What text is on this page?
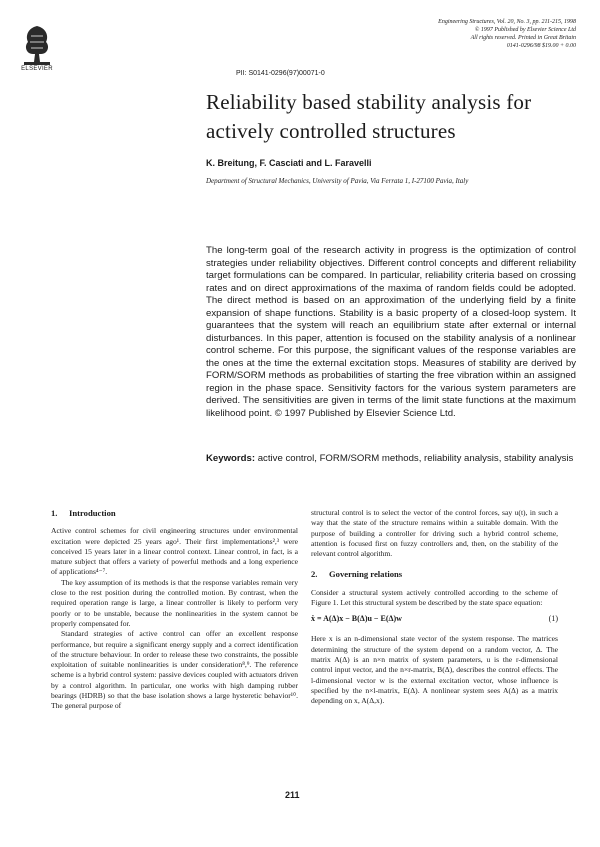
ELSEVIER
PII: S0141-0296(97)00071-0
Engineering Structures, Vol. 20, No. 3, pp. 211-215, 1998
© 1997 Published by Elsevier Science Ltd
All rights reserved. Printed in Great Britain
0141-0296/98 $19.00 + 0.00
Reliability based stability analysis for actively controlled structures
K. Breitung, F. Casciati and L. Faravelli
Department of Structural Mechanics, University of Pavia, Via Ferrata 1, I-27100 Pavia, Italy
The long-term goal of the research activity in progress is the optimization of control strategies under reliability objectives. Different control concepts and different reliability target formulations can be compared. In particular, reliability criteria based on crossing rates and on direct approximations of the maxima of random fields could be adopted. The direct method is based on an approximation of the underlying field by a finite expansion of shape functions. Stability is a basic property of a closed-loop system. It guarantees that the system will reach an equilibrium state after external or internal disturbances. In this paper, attention is focused on the stability analysis of a nonlinear control scheme. For this purpose, the significant values of the response variables are the ones at the time the external excitation stops. Measures of stability are derived by FORM/SORM methods as probabilities of starting the free vibration within an assigned region in the phase space. Sensitivity factors for the various system parameters are derived. The sensitivities are given in terms of the limit state functions at the maximum likelihood point. © 1997 Published by Elsevier Science Ltd.
Keywords: active control, FORM/SORM methods, reliability analysis, stability analysis
1. Introduction

Active control schemes for civil engineering structures under environmental excitation were depicted 25 years ago¹. Their first implementations²,³ were conceived 15 years later in a linear control context. Linear control, in fact, is a mature subject that offers a variety of powerful methods and a long experience of applications⁴⁻⁷.

The key assumption of its methods is that the response variables remain very close to the rest position during the controlled motion. By contrast, when the required operation range is large, a linear controller is likely to perform very poorly or to be unstable, because the nonlinearities in the system cannot be properly compensated for.

Standard strategies of active control can offer an excellent response performance, but require a significant energy supply and a correct identification of the structure behaviour. In order to release these two constraints, the possible exploitation of suitable nonlinearities is under consideration⁸,⁹. The reference scheme is a hybrid control system: passive devices coupled with actuators driven by a control algorithm. In particular, one works with high damping rubber bearings (HDRB) so that the base isolation shows a large hysteretic behavior¹⁰. The general purpose of

structural control is to select the vector of the control forces, say u(t), in such a way that the state of the structure remains within a suitable domain. With the purpose of building a controller for driving such a hybrid control scheme, attention is focused first on fuzzy controllers and, then, on the stability of the relevant control algorithm.

2. Governing relations

Consider a structural system actively controlled according to the scheme of Figure 1. Let this structural system be described by the state space equation:

ẋ = A(Δ)x − B(Δ)u − E(Δ)w	(1)

Here x is an n-dimensional state vector of the system response. The matrices determining the structure of the system depend on a random vector, Δ. The matrix A(Δ) is an n×n matrix of system parameters, u is the r-dimensional control input vector, and the n×r-matrix, B(Δ), describes the control effects. The l-dimensional vector w is the external excitation vector, whose influence is specified by the n×l-matrix, E(Δ). A nonlinear system sees A(Δ) as a matrix depending on x, A(Δ,x).

211
